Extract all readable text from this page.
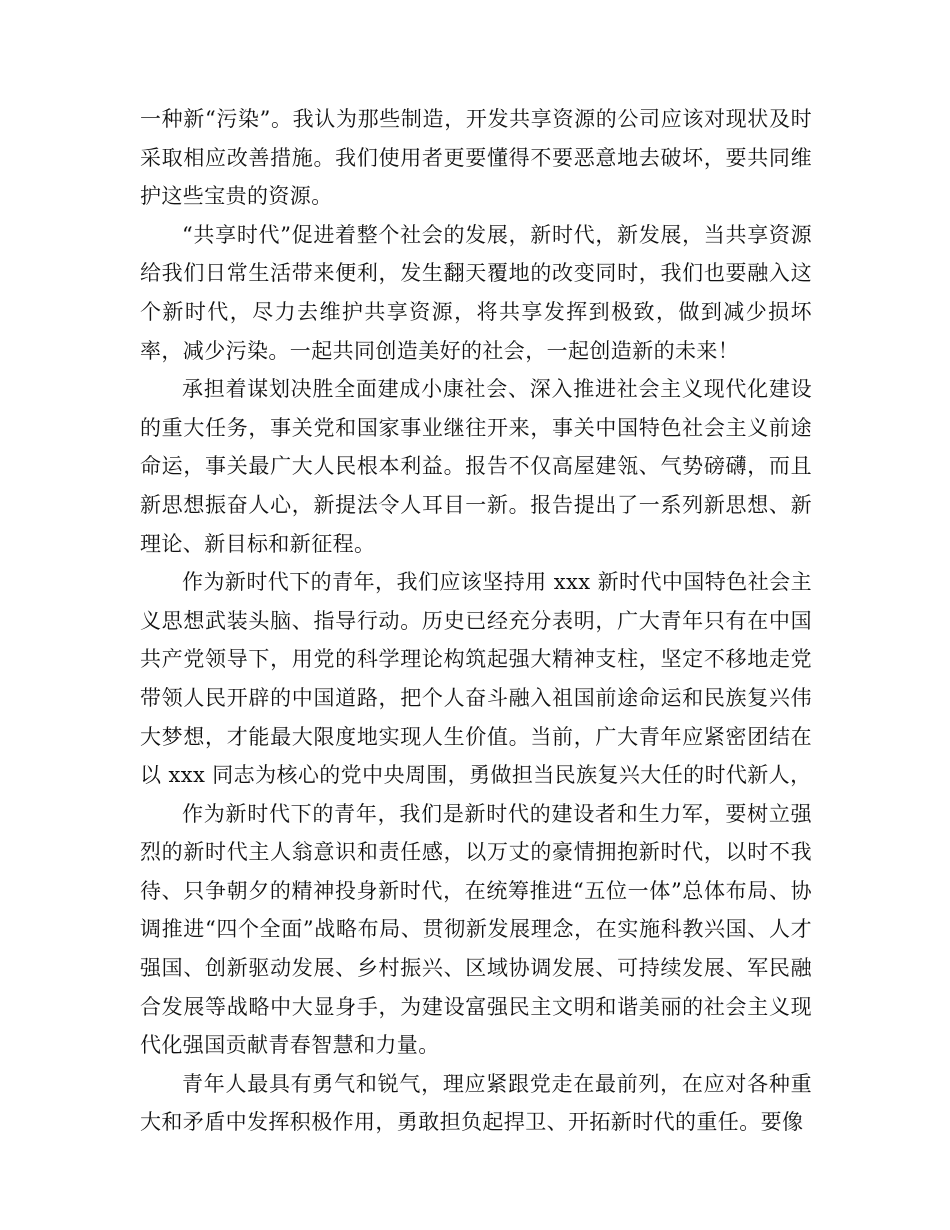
一种新“污染”。我认为那些制造，开发共享资源的公司应该对现状及时采取相应改善措施。我们使用者更要懂得不要恶意地去破坏，要共同维护这些宝贵的资源。

“共享时代”促进着整个社会的发展，新时代，新发展，当共享资源给我们日常生活带来便利，发生翻天覆地的改变同时，我们也要融入这个新时代，尽力去维护共享资源，将共享发挥到极致，做到减少损坏率，减少污染。一起共同创造美好的社会，一起创造新的未来！

承担着谋划决胜全面建成小康社会、深入推进社会主义现代化建设的重大任务，事关党和国家事业继往开来，事关中国特色社会主义前途命运，事关最广大人民根本利益。报告不仅高屋建瓴、气势磅礴，而且新思想振奋人心，新提法令人耳目一新。报告提出了一系列新思想、新理论、新目标和新征程。

作为新时代下的青年，我们应该坚持用 xxx 新时代中国特色社会主义思想武装头脑、指导行动。历史已经充分表明，广大青年只有在中国共产党领导下，用党的科学理论构筑起强大精神支柱，坚定不移地走党带领人民开辟的中国道路，把个人奋斗融入祖国前途命运和民族复兴伟大梦想，才能最大限度地实现人生价值。当前，广大青年应紧密团结在以 xxx 同志为核心的党中央周围，勇做担当民族复兴大任的时代新人，

作为新时代下的青年，我们是新时代的建设者和生力军，要树立强烈的新时代主人翁意识和责任感，以万丈的豪情拥抱新时代，以时不我待、只争朝夕的精神投身新时代，在统筹推进“五位一体”总体布局、协调推进“四个全面”战略布局、贯彻新发展理念，在实施科教兴国、人才强国、创新驱动发展、乡村振兴、区域协调发展、可持续发展、军民融合发展等战略中大显身手，为建设富强民主文明和谐美丽的社会主义现代化强国贡献青春智慧和力量。

青年人最具有勇气和锐气，理应紧跟党走在最前列，在应对各种重大和矛盾中发挥积极作用，勇敢担负起捍卫、开拓新时代的重任。要像
